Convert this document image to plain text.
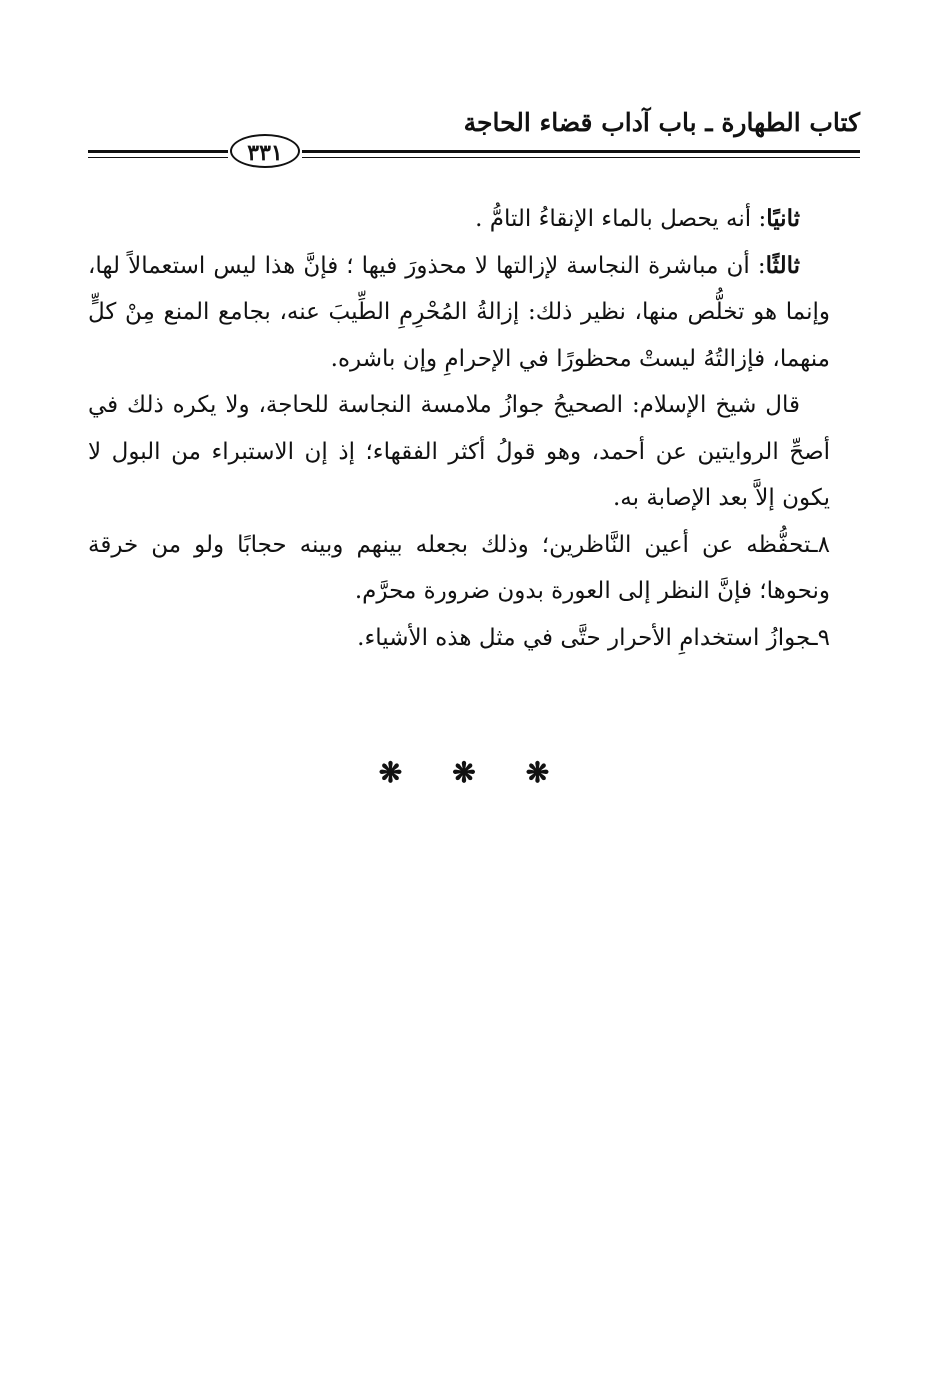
كتاب الطهارة ـ باب آداب قضاء الحاجة
٣٣١

ثانيًا: أنه يحصل بالماء الإنقاءُ التامُّ .

ثالثًا: أن مباشرة النجاسة لإزالتها لا محذورَ فيها ؛ فإنَّ هذا ليس استعمالاً لها، وإنما هو تخلُّص منها، نظير ذلك: إزالةُ المُحْرِمِ الطِّيبَ عنه، بجامع المنع مِنْ كلٍّ منهما، فإزالتُهُ ليستْ محظورًا في الإحرامِ وإن باشره.

قال شيخ الإسلام: الصحيحُ جوازُ ملامسة النجاسة للحاجة، ولا يكره ذلك في أصحِّ الروايتين عن أحمد، وهو قولُ أكثر الفقهاء؛ إذ إن الاستبراء من البول لا يكون إلاَّ بعد الإصابة به.

٨ـتحفُّظه عن أعين النَّاظرين؛ وذلك بجعله بينهم وبينه حجابًا ولو من خرقة ونحوها؛ فإنَّ النظر إلى العورة بدون ضرورة محرَّم.

٩ـجوازُ استخدامِ الأحرار حتَّى في مثل هذه الأشياء.

❋ ❋ ❋
